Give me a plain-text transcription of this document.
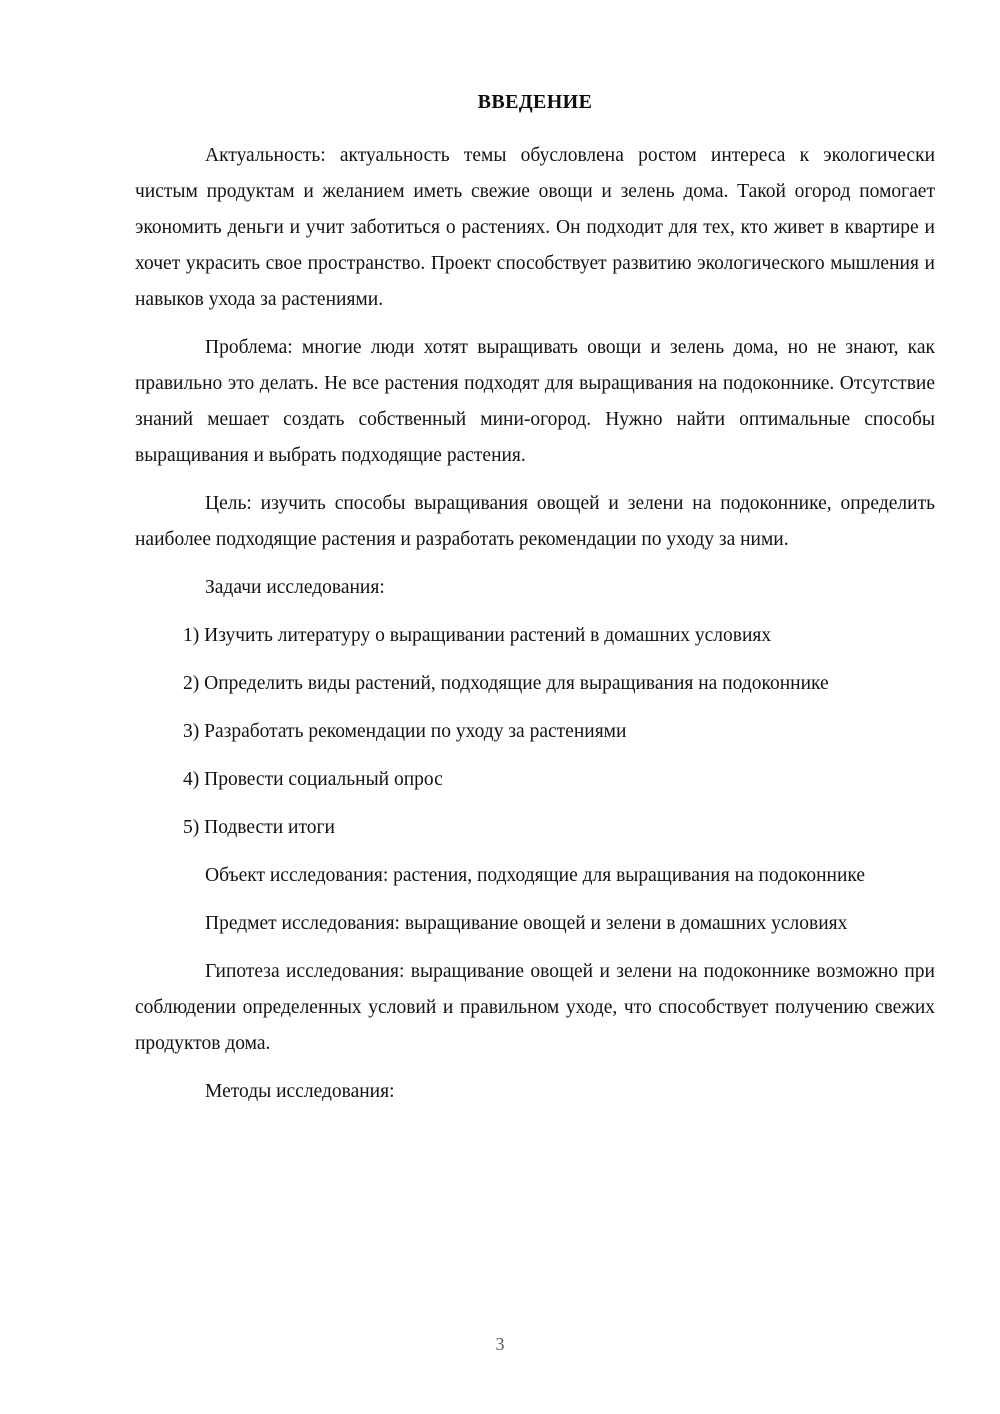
ВВЕДЕНИЕ

Актуальность: актуальность темы обусловлена ростом интереса к экологически чистым продуктам и желанием иметь свежие овощи и зелень дома. Такой огород помогает экономить деньги и учит заботиться о растениях. Он подходит для тех, кто живет в квартире и хочет украсить свое пространство. Проект способствует развитию экологического мышления и навыков ухода за растениями.

Проблема: многие люди хотят выращивать овощи и зелень дома, но не знают, как правильно это делать. Не все растения подходят для выращивания на подоконнике. Отсутствие знаний мешает создать собственный мини-огород. Нужно найти оптимальные способы выращивания и выбрать подходящие растения.

Цель: изучить способы выращивания овощей и зелени на подоконнике, определить наиболее подходящие растения и разработать рекомендации по уходу за ними.

Задачи исследования:

1) Изучить литературу о выращивании растений в домашних условиях
2) Определить виды растений, подходящие для выращивания на подоконнике
3) Разработать рекомендации по уходу за растениями
4) Провести социальный опрос
5) Подвести итоги

Объект исследования: растения, подходящие для выращивания на подоконнике

Предмет исследования: выращивание овощей и зелени в домашних условиях

Гипотеза исследования: выращивание овощей и зелени на подоконнике возможно при соблюдении определенных условий и правильном уходе, что способствует получению свежих продуктов дома.

Методы исследования:

3
